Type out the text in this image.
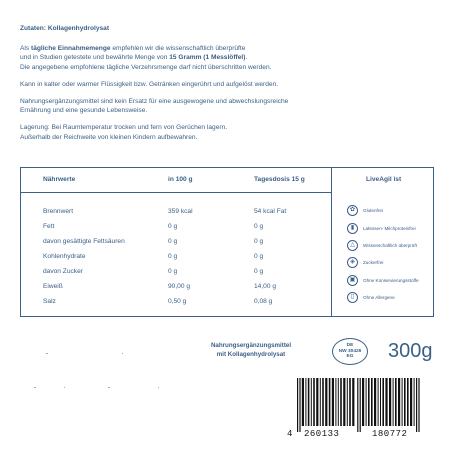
Zutaten: Kollagenhydrolysat

Als tägliche Einnahmemenge empfehlen wir die wissenschaftlich überprüfte
und in Studien getestete und bewährte Menge von 15 Gramm (1 Messlöffel).
Die angegebene empfohlene tägliche Verzehrsmenge darf nicht überschritten werden.

Kann in kalter oder warmer Flüssigkeit bzw. Getränken eingerührt und aufgelöst werden.

Nahrungsergänzungsmittel sind kein Ersatz für eine ausgewogene und abwechslungsreiche
Ernährung und eine gesunde Lebensweise.

Lagerung: Bei Raumtemperatur trocken und fern von Gerüchen lagern.
Außerhalb der Reichweite von kleinen Kindern aufbewahren.

Nährwerte	in 100 g	Tagesdosis 15 g
Brennwert	359 kcal	54 kcal Fat
Fett	0 g	0 g
davon gesättigte Fettsäuren	0 g	0 g
Kohlenhydrate	0 g	0 g
davon Zucker	0 g	0 g
Eiweiß	90,00 g	14,00 g
Salz	0,50 g	0,08 g
LiveAgil ist
✿	Glutenfrei
▮	Laktosen- Milchproteinfrei
△	Wissenschaftlich überprüft
◈	Zuckerfrei
▣	Ohne Konservierungsstoffe
▯	Ohne Allergene
Nahrungsergänzungsmittel
mit Kollagenhydrolysat
DE
NW 30426
EG 300g
4 260133	180772
